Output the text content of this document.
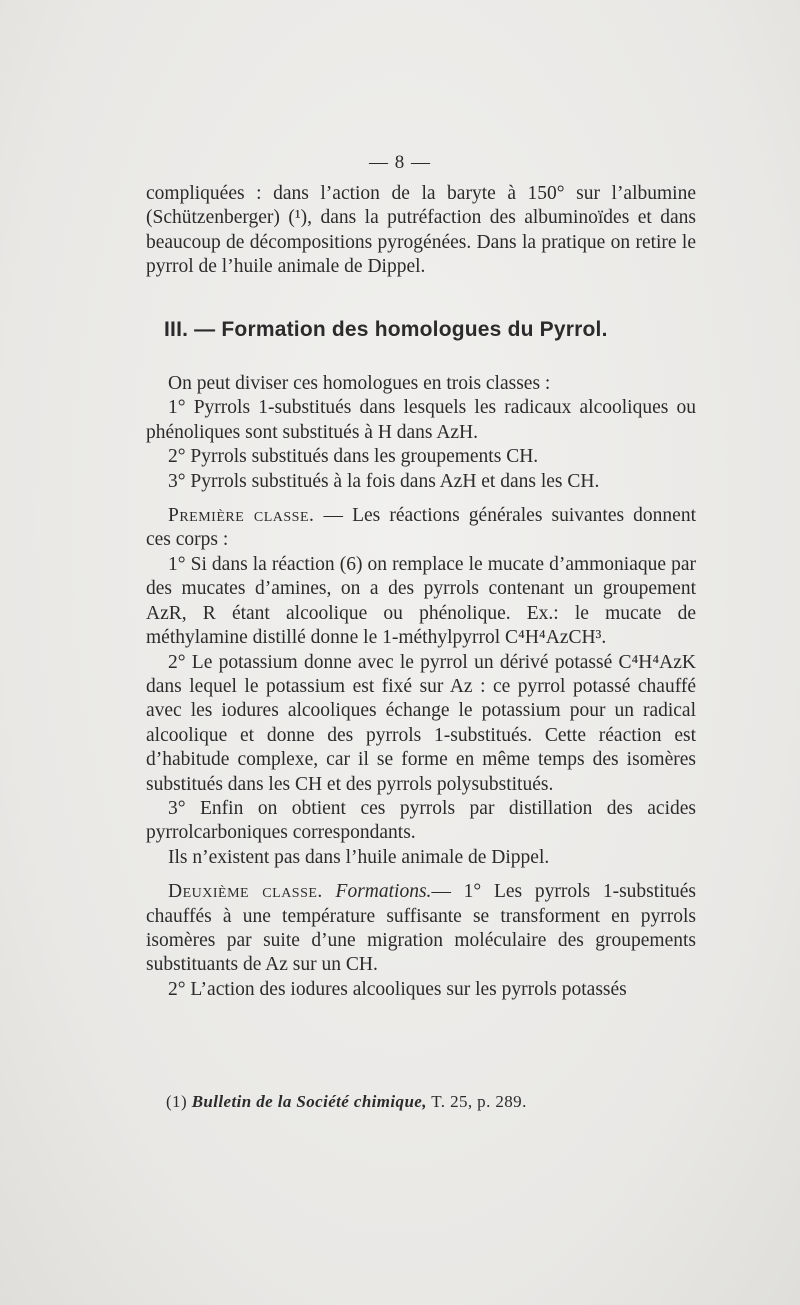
— 8 —

compliquées : dans l’action de la baryte à 150° sur l’albumine (Schützenberger) (¹), dans la putréfaction des albuminoïdes et dans beaucoup de décompositions pyrogénées. Dans la pratique on retire le pyrrol de l’huile animale de Dippel.

III. — Formation des homologues du Pyrrol.

On peut diviser ces homologues en trois classes :

1° Pyrrols 1-substitués dans lesquels les radicaux alcooliques ou phénoliques sont substitués à H dans AzH.

2° Pyrrols substitués dans les groupements CH.

3° Pyrrols substitués à la fois dans AzH et dans les CH.

Première classe. — Les réactions générales suivantes donnent ces corps :

1° Si dans la réaction (6) on remplace le mucate d’ammoniaque par des mucates d’amines, on a des pyrrols contenant un groupement AzR, R étant alcoolique ou phénolique. Ex.: le mucate de méthylamine distillé donne le 1-méthylpyrrol C⁴H⁴AzCH³.

2° Le potassium donne avec le pyrrol un dérivé potassé C⁴H⁴AzK dans lequel le potassium est fixé sur Az : ce pyrrol potassé chauffé avec les iodures alcooliques échange le potassium pour un radical alcoolique et donne des pyrrols 1-substitués. Cette réaction est d’habitude complexe, car il se forme en même temps des isomères substitués dans les CH et des pyrrols polysubstitués.

3° Enfin on obtient ces pyrrols par distillation des acides pyrrolcarboniques correspondants.

Ils n’existent pas dans l’huile animale de Dippel.

Deuxième classe. Formations.— 1° Les pyrrols 1-substitués chauffés à une température suffisante se transforment en pyrrols isomères par suite d’une migration moléculaire des groupements substituants de Az sur un CH.

2° L’action des iodures alcooliques sur les pyrrols potassés

(1) Bulletin de la Société chimique, T. 25, p. 289.
